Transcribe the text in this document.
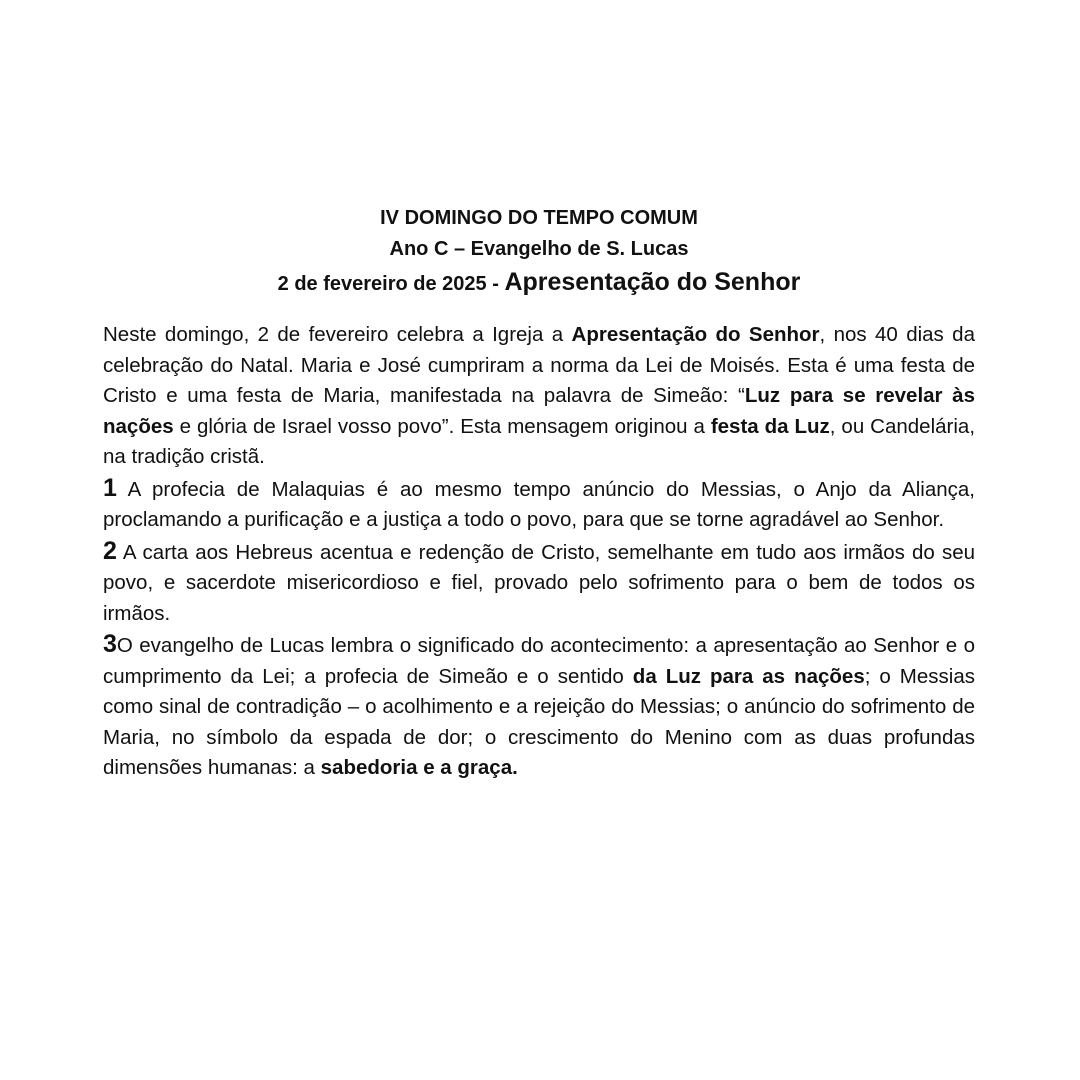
IV DOMINGO DO TEMPO COMUM
Ano C – Evangelho de S. Lucas
2 de fevereiro de 2025 - Apresentação do Senhor

Neste domingo, 2 de fevereiro celebra a Igreja a Apresentação do Senhor, nos 40 dias da celebração do Natal. Maria e José cumpriram a norma da Lei de Moisés. Esta é uma festa de Cristo e uma festa de Maria, manifestada na palavra de Simeão: “Luz para se revelar às nações e glória de Israel vosso povo”. Esta mensagem originou a festa da Luz, ou Candelária, na tradição cristã.

1 A profecia de Malaquias é ao mesmo tempo anúncio do Messias, o Anjo da Aliança, proclamando a purificação e a justiça a todo o povo, para que se torne agradável ao Senhor.

2 A carta aos Hebreus acentua e redenção de Cristo, semelhante em tudo aos irmãos do seu povo, e sacerdote misericordioso e fiel, provado pelo sofrimento para o bem de todos os irmãos.

3O evangelho de Lucas lembra o significado do acontecimento: a apresentação ao Senhor e o cumprimento da Lei; a profecia de Simeão e o sentido da Luz para as nações; o Messias como sinal de contradição – o acolhimento e a rejeição do Messias; o anúncio do sofrimento de Maria, no símbolo da espada de dor; o crescimento do Menino com as duas profundas dimensões humanas: a sabedoria e a graça.
